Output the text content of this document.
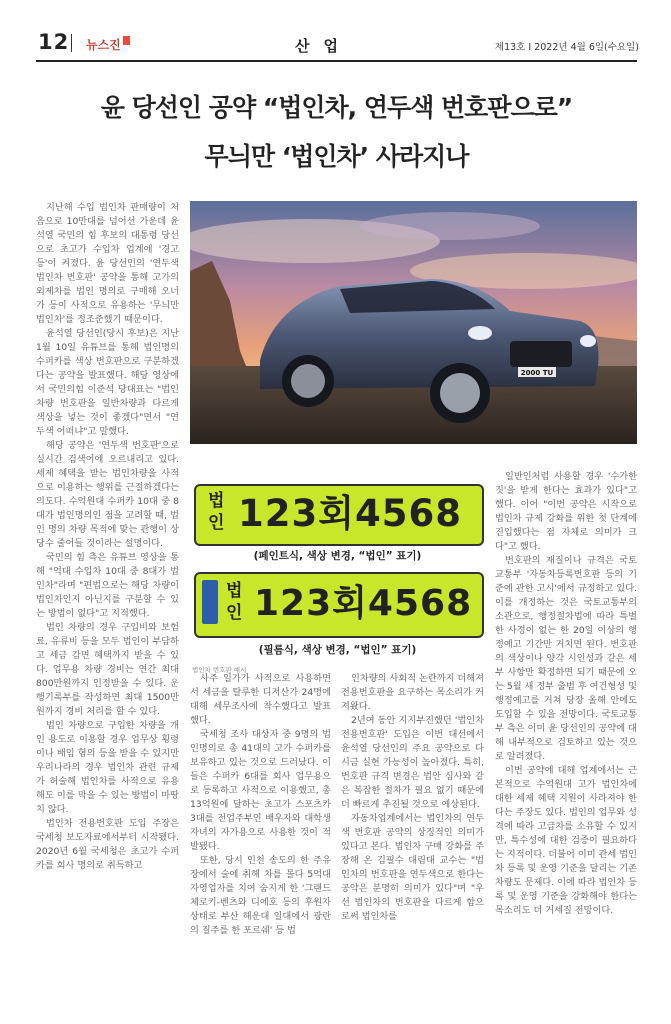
12 뉴스진	산업	제13호 I 2022년 4월 6일(수요일)
윤 당선인 공약 “법인차, 연두색 번호판으로”
무늬만 ‘법인차’ 사라지나

지난해 수입 법인차 판매량이 처음으로 10만대를 넘어선 가운데 윤석열 국민의 힘 후보의 대통령 당선으로 초고가 수입차 업계에 '경고등'이 켜졌다. 윤 당선인의 '연두색 법인차 번호판' 공약을 통해 고가의 외제차를 법인 명의로 구매해 오너가 등이 사적으로 유용하는 '무늬만 법인차'를 정조준했기 때문이다.

윤석열 당선인(당시 후보)은 지난 1월 10일 유튜브를 통해 법인명의 수퍼카를 색상 번호판으로 구분하겠다는 공약을 발표했다. 해당 영상에서 국민의힘 이준석 당대표는 "법인차량 번호판을 일반차량과 다르게 색상을 넣는 것이 좋겠다"면서 "연두색 어떠냐"고 말했다.

해당 공약은 '연두색 번호판'으로 실시간 검색어에 오르내리고 있다. 세제 혜택을 받는 법인차량을 사적으로 이용하는 행위를 근절하겠다는 의도다. 수억원대 수퍼카 10대 중 8대가 법인명의인 점을 고려할 때, 법인 명의 차량 목적에 맞는 관행이 상당수 줄어들 것이라는 설명이다.

국민의 힘 측은 유튜브 영상을 통해 "억대 수입차 10대 중 8대가 법인차"라며 "편법으로는 해당 차량이 법인차인지 아닌지를 구분할 수 있는 방법이 없다"고 지적했다.

법인 차량의 경우 구입비와 보험료, 유류비 등을 모두 법인이 부담하고 세금 감면 혜택까지 받을 수 있다. 업무용 차량 경비는 연간 최대 800만원까지 인정받을 수 있다. 운행기록부를 작성하면 최대 1500만원까지 경비 처리를 할 수 있다.

법인 차량으로 구입한 차량을 개인 용도로 이용할 경우 업무상 횡령이나 배임 혐의 등을 받을 수 있지만 우리나라의 경우 법인차 관련 규제가 허술해 법인차를 사적으로 유용해도 이를 막을 수 있는 방법이 마땅치 않다.

법인차 전용번호판 도입 주장은 국세청 보도자료에서부터 시작됐다. 2020년 6월 국세청은 초고가 수퍼카를 회사 명의로 취득하고

2000 TU
법인 123회4568
(페인트식, 색상 변경, “법인” 표기)
법인 123회4568
(필름식, 색상 변경, “법인” 표기)
법인차 번호판 예시

사주 일가가 사적으로 사용하면서 세금을 탈루한 디저산가 24명에 대해 세무조사에 착수했다고 발표했다.

국세청 조사 대상자 중 9명의 법인명의로 총 41대의 고가 수퍼카를 보유하고 있는 것으로 드러났다. 이들은 수퍼카 6대를 회사 업무용으로 등록하고 사적으로 이용했고, 총 13억원에 달하는 초고가 스포츠카 3대를 전업주부인 배우자와 대학생 자녀의 자가용으로 사용한 것이 적발됐다.

또한, 당시 인천 송도의 한 주유장에서 술에 취해 차를 몰다 5억대 자영업자를 치여 숨지게 한 '그랜드체로키-벤츠와 디에호 등의 후원자 상태로 부산 해운대 일대에서 광란의 질주를 한 포르쉐' 등 법

인차량의 사회적 논란까지 더해져 전용번호판을 요구하는 목소리가 커져왔다.

2년여 동안 지지부진했던 '법인차 전용번호판' 도입은 이번 대선에서 윤석열 당선인의 주요 공약으로 다시금 실현 가능성이 높아졌다. 특히, 번호판 규격 변경은 법안 심사와 같은 복잡한 절차가 필요 없기 때문에 더 빠르게 추진될 것으로 예상된다.

자동차업계에서는 법인차의 연두색 번호판 공약의 상징적인 의미가 있다고 본다. 법인차 구매 강화를 주장해 온 김필수 대림대 교수는 "법인차의 번호판을 연두색으로 한다는 공약은 분명히 의미가 있다"며 "우선 법인차의 번호판을 다르게 함으로써 법인차를

일반인처럼 사용할 경우 '수가한 짓'을 받게 한다는 효과가 있다"고 했다. 이어 "이번 공약은 시작으로 법인차 규제 강화를 위한 첫 단계에 진입했다는 점 자체로 의미가 크다"고 했다.

번호판의 재질이나 규격은 국토교통부 '자동차등록번호판 등의 기준에 관한 고시'에서 규정하고 있다. 이를 개정하는 것은 국토교통부의 소관으로, 행정절차법에 따라 특별한 사정이 없는 한 20일 이상의 행정예고 기간만 거치면 된다. 번호판의 색상이나 양각 시인성과 같은 세부 사항만 확정하면 되기 때문에 오는 5월 새 정부 출범 후 여건형성 및 행정예고를 거쳐 당장 올해 안에도 도입할 수 있을 전망이다. 국토교통부 측은 이미 윤 당선인의 공약에 대해 내부적으로 검토하고 있는 것으로 알려졌다.

이번 공약에 대해 업계에서는 근본적으로 수억원대 고가 법인차에 대한 세제 혜택 지원이 사라져야 한다는 주장도 있다. 법인의 업무와 성격에 따라 고급차를 소유할 수 있지만, 특수성에 대한 검증이 필요하다는 지적이다. 더불어 이미 관세 법인차 등록 및 운영 기준을 달리는 기존 차량도 문제다. 이에 따라 법인차 등록 및 운영 기준을 강화해야 한다는 목소리도 더 거세질 전망이다.
